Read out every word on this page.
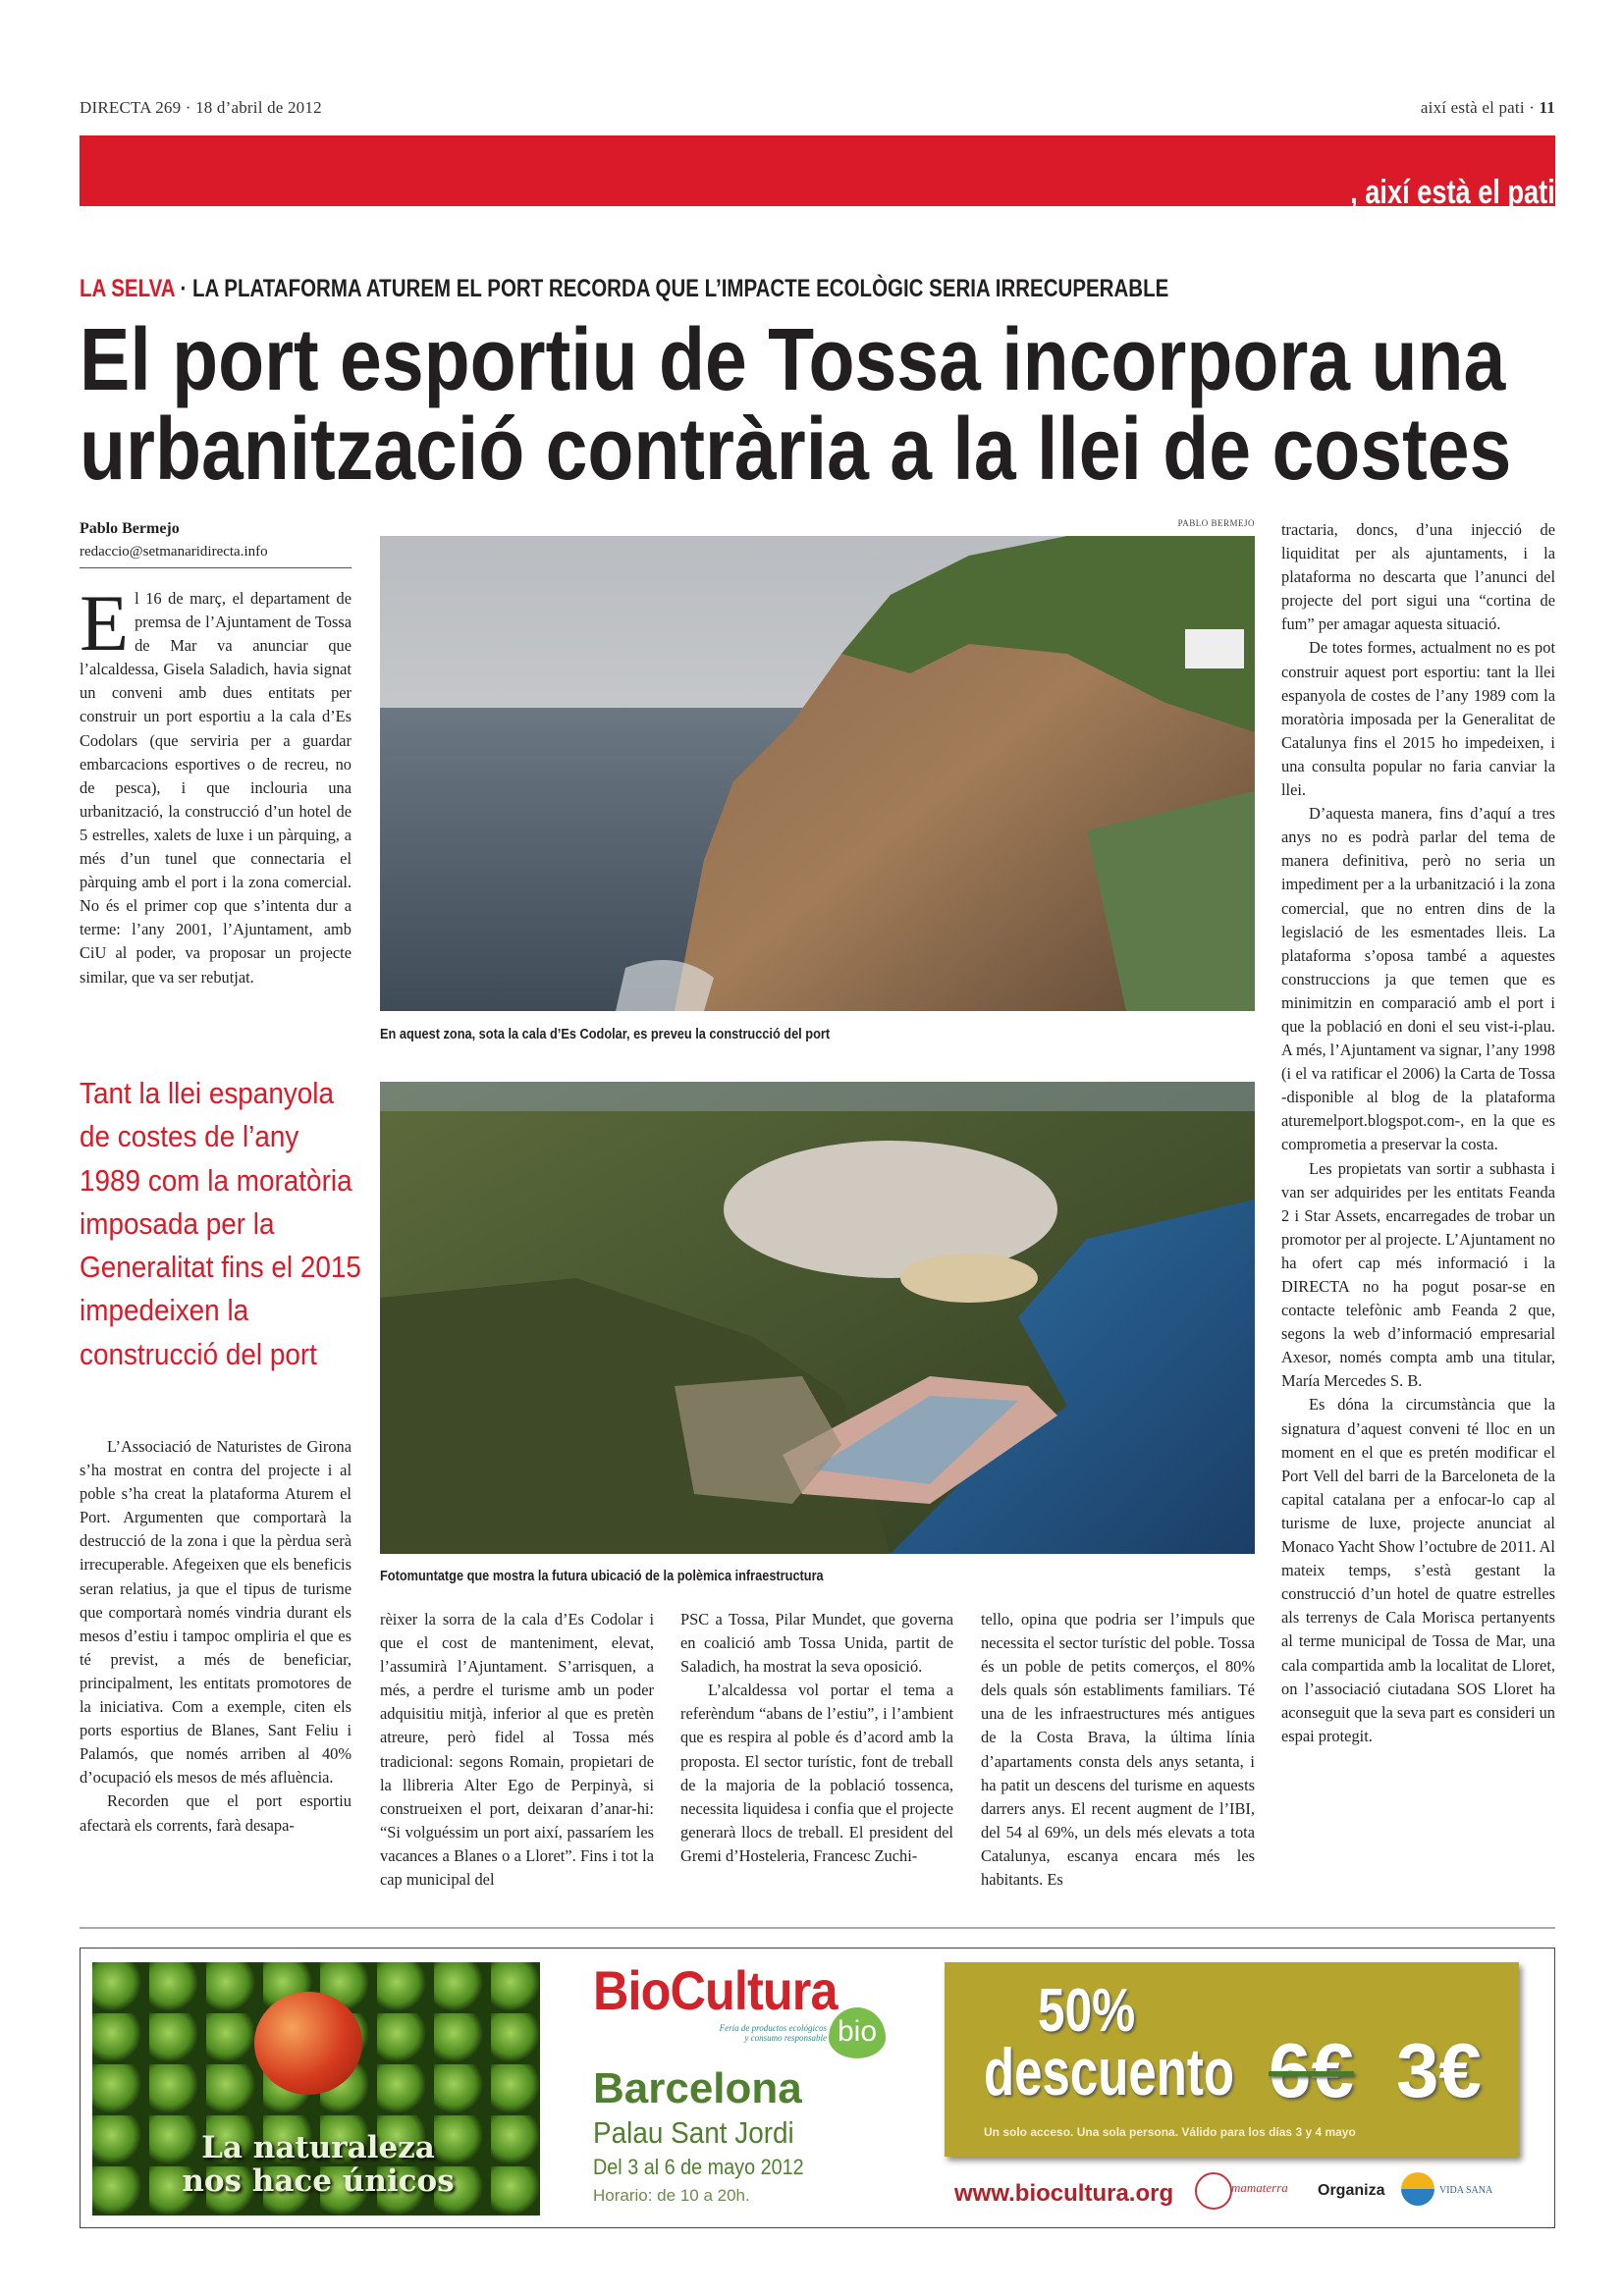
DIRECTA 269 · 18 d’abril de 2012	així està el pati · 11
, així està el pati
LA SELVA · LA PLATAFORMA ATUREM EL PORT RECORDA QUE L’IMPACTE ECOLÒGIC SERIA IRRECUPERABLE
El port esportiu de Tossa incorpora una
urbanització contrària a la llei de costes
Pablo Bermejo
redaccio@setmanaridirecta.info

El 16 de març, el departament de premsa de l’Ajuntament de Tossa de Mar va anunciar que l’alcaldessa, Gisela Saladich, havia signat un conveni amb dues entitats per construir un port esportiu a la cala d’Es Codolars (que serviria per a guardar embarcacions esportives o de recreu, no de pesca), i que inclouria una urbanització, la construcció d’un hotel de 5 estrelles, xalets de luxe i un pàrquing, a més d’un tunel que connectaria el pàrquing amb el port i la zona comercial. No és el primer cop que s’intenta dur a terme: l’any 2001, l’Ajuntament, amb CiU al poder, va proposar un projecte similar, que va ser rebutjat.

Tant la llei espanyola de costes de l’any 1989 com la moratòria imposada per la Generalitat fins el 2015 impedeixen la construcció del port

L’Associació de Naturistes de Girona s’ha mostrat en contra del projecte i al poble s’ha creat la plataforma Aturem el Port. Argumenten que comportarà la destrucció de la zona i que la pèrdua serà irrecuperable. Afegeixen que els beneficis seran relatius, ja que el tipus de turisme que comportarà només vindria durant els mesos d’estiu i tampoc ompliria el que es té previst, a més de beneficiar, principalment, les entitats promotores de la iniciativa. Com a exemple, citen els ports esportius de Blanes, Sant Feliu i Palamós, que només arriben al 40% d’ocupació els mesos de més afluència.

Recorden que el port esportiu afectarà els corrents, farà desapa-

PABLO BERMEJO
En aquest zona, sota la cala d’Es Codolar, es preveu la construcció del port
Fotomuntatge que mostra la futura ubicació de la polèmica infraestructura

rèixer la sorra de la cala d’Es Codolar i que el cost de manteniment, elevat, l’assumirà l’Ajuntament. S’arrisquen, a més, a perdre el turisme amb un poder adquisitiu mitjà, inferior al que es pretèn atreure, però fidel al Tossa més tradicional: segons Romain, propietari de la llibreria Alter Ego de Perpinyà, si construeixen el port, deixaran d’anar-hi: “Si volguéssim un port així, passaríem les vacances a Blanes o a Lloret”. Fins i tot la cap municipal del

PSC a Tossa, Pilar Mundet, que governa en coalició amb Tossa Unida, partit de Saladich, ha mostrat la seva oposició.

L’alcaldessa vol portar el tema a referèndum “abans de l’estiu”, i l’ambient que es respira al poble és d’acord amb la proposta. El sector turístic, font de treball de la majoria de la població tossenca, necessita liquidesa i confia que el projecte generarà llocs de treball. El president del Gremi d’Hosteleria, Francesc Zuchi-

tello, opina que podria ser l’impuls que necessita el sector turístic del poble. Tossa és un poble de petits comerços, el 80% dels quals són establiments familiars. Té una de les infraestructures més antigues de la Costa Brava, la última línia d’apartaments consta dels anys setanta, i ha patit un descens del turisme en aquests darrers anys. El recent augment de l’IBI, del 54 al 69%, un dels més elevats a tota Catalunya, escanya encara més les habitants. Es

tractaria, doncs, d’una injecció de liquiditat per als ajuntaments, i la plataforma no descarta que l’anunci del projecte del port sigui una “cortina de fum” per amagar aquesta situació.

De totes formes, actualment no es pot construir aquest port esportiu: tant la llei espanyola de costes de l’any 1989 com la moratòria imposada per la Generalitat de Catalunya fins el 2015 ho impedeixen, i una consulta popular no faria canviar la llei.

D’aquesta manera, fins d’aquí a tres anys no es podrà parlar del tema de manera definitiva, però no seria un impediment per a la urbanització i la zona comercial, que no entren dins de la legislació de les esmentades lleis. La plataforma s’oposa també a aquestes construccions ja que temen que es minimitzin en comparació amb el port i que la població en doni el seu vist-i-plau. A més, l’Ajuntament va signar, l’any 1998 (i el va ratificar el 2006) la Carta de Tossa -disponible al blog de la plataforma aturemelport.blogspot.com-, en la que es comprometia a preservar la costa.

Les propietats van sortir a subhasta i van ser adquirides per les entitats Feanda 2 i Star Assets, encarregades de trobar un promotor per al projecte. L’Ajuntament no ha ofert cap més informació i la DIRECTA no ha pogut posar-se en contacte telefònic amb Feanda 2 que, segons la web d’informació empresarial Axesor, només compta amb una titular, María Mercedes S. B.

Es dóna la circumstància que la signatura d’aquest conveni té lloc en un moment en el que es pretén modificar el Port Vell del barri de la Barceloneta de la capital catalana per a enfocar-lo cap al turisme de luxe, projecte anunciat al Monaco Yacht Show l’octubre de 2011. Al mateix temps, s’està gestant la construcció d’un hotel de quatre estrelles als terrenys de Cala Morisca pertanyents al terme municipal de Tossa de Mar, una cala compartida amb la localitat de Lloret, on l’associació ciutadana SOS Lloret ha aconseguit que la seva part es consideri un espai protegit.

La naturaleza
nos hace únicos
BioCultura
bio
Feria de productos ecológicos
y consumo responsable
Barcelona
Palau Sant Jordi
Del 3 al 6 de mayo 2012
Horario: de 10 a 20h.
50%
descuento 6€ 3€
Un solo acceso. Una sola persona. Válido para los días 3 y 4 mayo
www.biocultura.org	mamaterra Organiza	VIDA SANA
